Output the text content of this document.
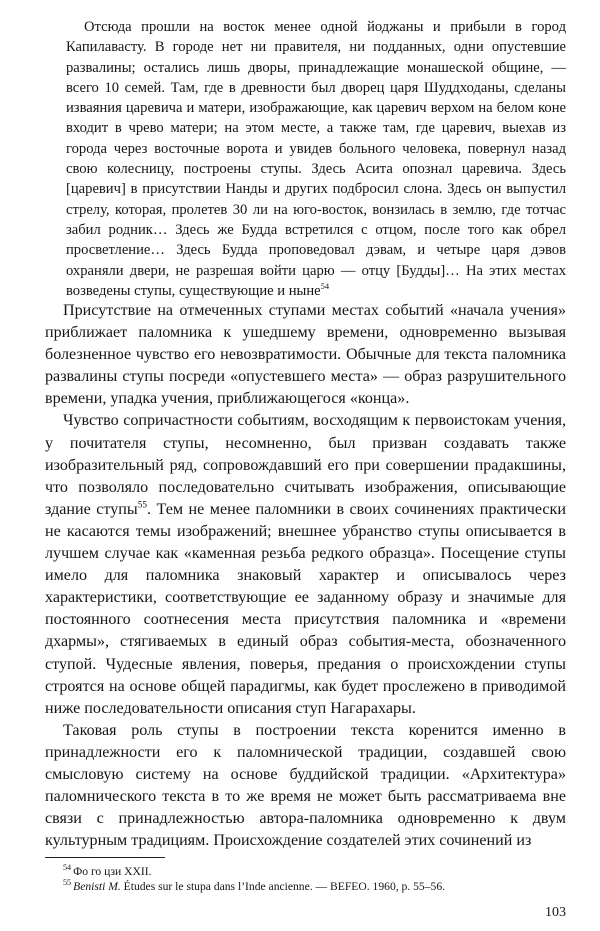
Отсюда прошли на восток менее одной йоджаны и прибыли в город Капилавасту. В городе нет ни правителя, ни подданных, одни опустевшие развалины; остались лишь дворы, принадлежащие монашеской общине, — всего 10 семей. Там, где в древности был дворец царя Шуддходаны, сделаны изваяния царевича и матери, изображающие, как царевич верхом на белом коне входит в чрево матери; на этом месте, а также там, где царевич, выехав из города через восточные ворота и увидев больного человека, повернул назад свою колесницу, построены ступы. Здесь Асита опознал царевича. Здесь [царевич] в присутствии Нанды и других подбросил слона. Здесь он выпустил стрелу, которая, пролетев 30 ли на юго-восток, вонзилась в землю, где тотчас забил родник… Здесь же Будда встретился с отцом, после того как обрел просветление… Здесь Будда проповедовал дэвам, и четыре царя дэвов охраняли двери, не разрешая войти царю — отцу [Будды]… На этих местах возведены ступы, существующие и ныне$^{54}$

Присутствие на отмеченных ступами местах событий «начала учения» приближает паломника к ушедшему времени, одновременно вызывая болезненное чувство его невозвратимости. Обычные для текста паломника развалины ступы посреди «опустевшего места» — образ разрушительного времени, упадка учения, приближающегося «конца».

Чувство сопричастности событиям, восходящим к первоистокам учения, у почитателя ступы, несомненно, был призван создавать также изобразительный ряд, сопровождавший его при совершении прадакшины, что позволяло последовательно считывать изображения, описывающие здание ступы$^{55}$. Тем не менее паломники в своих сочинениях практически не касаются темы изображений; внешнее убранство ступы описывается в лучшем случае как «каменная резьба редкого образца». Посещение ступы имело для паломника знаковый характер и описывалось через характеристики, соответствующие ее заданному образу и значимые для постоянного соотнесения места присутствия паломника и «времени дхармы», стягиваемых в единый образ события-места, обозначенного ступой. Чудесные явления, поверья, предания о происхождении ступы строятся на основе общей парадигмы, как будет прослежено в приводимой ниже последовательности описания ступ Нагарахары.

Таковая роль ступы в построении текста коренится именно в принадлежности его к паломнической традиции, создавшей свою смысловую систему на основе буддийской традиции. «Архитектура» паломнического текста в то же время не может быть рассматриваема вне связи с принадлежностью автора-паломника одновременно к двум культурным традициям. Происхождение создателей этих сочинений из

$^{54}$ Фо го цзи XXII.
$^{55}$ Benisti M. Études sur le stupa dans l’Inde ancienne. — BEFEO. 1960, p. 55–56.
103
